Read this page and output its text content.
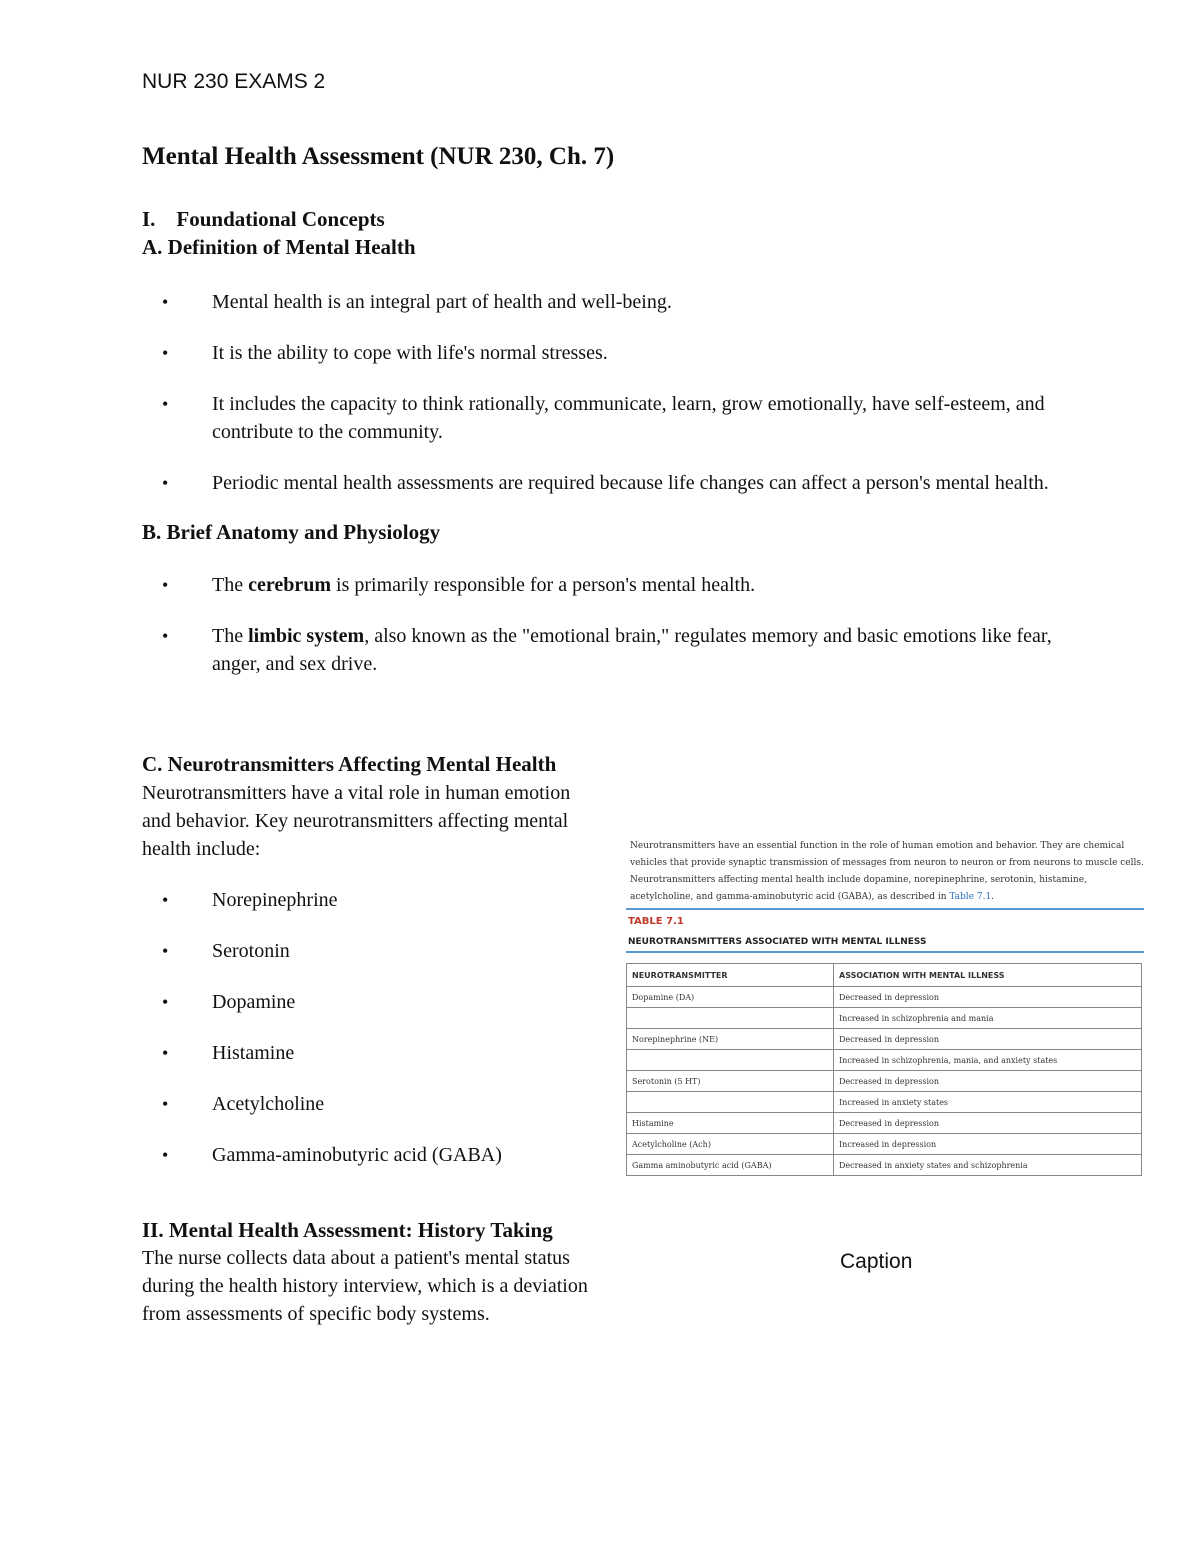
NUR 230 EXAMS 2
Mental Health Assessment (NUR 230, Ch. 7)
I.    Foundational Concepts
A. Definition of Mental Health
• Mental health is an integral part of health and well-being.
• It is the ability to cope with life's normal stresses.
• It includes the capacity to think rationally, communicate, learn, grow emotionally, have self-esteem, and contribute to the community.
• Periodic mental health assessments are required because life changes can affect a person's mental health.
B. Brief Anatomy and Physiology
• The cerebrum is primarily responsible for a person's mental health.
• The limbic system, also known as the "emotional brain," regulates memory and basic emotions like fear, anger, and sex drive.

C. Neurotransmitters Affecting Mental Health Neurotransmitters have a vital role in human emotion and behavior. Key neurotransmitters affecting mental health include:

• Norepinephrine
• Serotonin
• Dopamine
• Histamine
• Acetylcholine
• Gamma-aminobutyric acid (GABA)
II. Mental Health Assessment: History Taking

The nurse collects data about a patient's mental status during the health history interview, which is a deviation from assessments of specific body systems.

Neurotransmitters have an essential function in the role of human emotion and behavior. They are chemical vehicles that provide synaptic transmission of messages from neuron to neuron or from neurons to muscle cells. Neurotransmitters affecting mental health include dopamine, norepinephrine, serotonin, histamine, acetylcholine, and gamma-aminobutyric acid (GABA), as described in Table 7.1.

TABLE 7.1
NEUROTRANSMITTERS ASSOCIATED WITH MENTAL ILLNESS
NEUROTRANSMITTER	ASSOCIATION WITH MENTAL ILLNESS
Dopamine (DA)	Decreased in depression
	Increased in schizophrenia and mania
Norepinephrine (NE)	Decreased in depression
	Increased in schizophrenia, mania, and anxiety states
Serotonin (5 HT)	Decreased in depression
	Increased in anxiety states
Histamine	Decreased in depression
Acetylcholine (Ach)	Increased in depression
Gamma aminobutyric acid (GABA)	Decreased in anxiety states and schizophrenia
Caption
